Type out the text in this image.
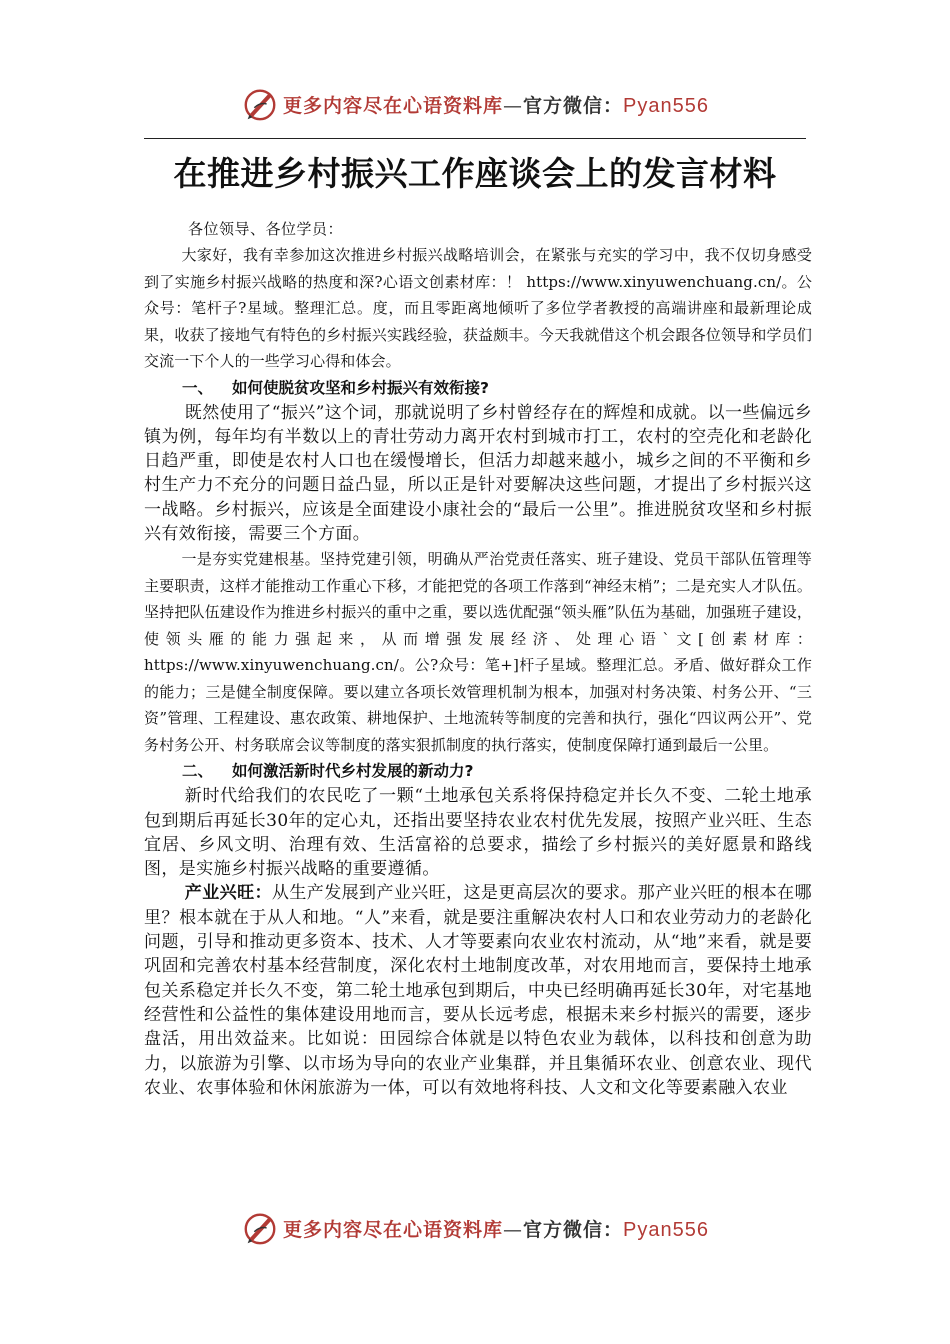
更多内容尽在心语资料库—官方微信：Pyan556
在推进乡村振兴工作座谈会上的发言材料

各位领导、各位学员：

大家好，我有幸参加这次推进乡村振兴战略培训会，在紧张与充实的学习中，我不仅切身感受到了实施乡村振兴战略的热度和深?心语文创素材库：！ https://www.xinyuwenchuang.cn/。公众号：笔杆子?星域。整理汇总。度，而且零距离地倾听了多位学者教授的高端讲座和最新理论成果，收获了接地气有特色的乡村振兴实践经验，获益颇丰。今天我就借这个机会跟各位领导和学员们交流一下个人的一些学习心得和体会。

一、 如何使脱贫攻坚和乡村振兴有效衔接?

既然使用了“振兴”这个词，那就说明了乡村曾经存在的辉煌和成就。以一些偏远乡镇为例，每年均有半数以上的青壮劳动力离开农村到城市打工，农村的空壳化和老龄化日趋严重，即使是农村人口也在缓慢增长，但活力却越来越小，城乡之间的不平衡和乡村生产力不充分的问题日益凸显，所以正是针对要解决这些问题，才提出了乡村振兴这一战略。乡村振兴，应该是全面建设小康社会的“最后一公里”。推进脱贫攻坚和乡村振兴有效衔接，需要三个方面。

一是夯实党建根基。坚持党建引领，明确从严治党责任落实、班子建设、党员干部队伍管理等主要职责，这样才能推动工作重心下移，才能把党的各项工作落到“神经末梢”；二是充实人才队伍。坚持把队伍建设作为推进乡村振兴的重中之重，要以选优配强“领头雁”队伍为基础，加强班子建设，使领头雁的能力强起来，从而增强发展经济、处理心语`文[创素材库：https://www.xinyuwenchuang.cn/。公?众号：笔+]杆子星域。整理汇总。矛盾、做好群众工作的能力；三是健全制度保障。要以建立各项长效管理机制为根本，加强对村务决策、村务公开、“三资”管理、工程建设、惠农政策、耕地保护、土地流转等制度的完善和执行，强化“四议两公开”、党务村务公开、村务联席会议等制度的落实狠抓制度的执行落实，使制度保障打通到最后一公里。

二、 如何激活新时代乡村发展的新动力?

新时代给我们的农民吃了一颗“土地承包关系将保持稳定并长久不变、二轮土地承包到期后再延长30年的定心丸，还指出要坚持农业农村优先发展，按照产业兴旺、生态宜居、乡风文明、治理有效、生活富裕的总要求，描绘了乡村振兴的美好愿景和路线图，是实施乡村振兴战略的重要遵循。

产业兴旺：从生产发展到产业兴旺，这是更高层次的要求。那产业兴旺的根本在哪里？根本就在于从人和地。“人”来看，就是要注重解决农村人口和农业劳动力的老龄化问题，引导和推动更多资本、技术、人才等要素向农业农村流动，从“地”来看，就是要巩固和完善农村基本经营制度，深化农村土地制度改革，对农用地而言，要保持土地承包关系稳定并长久不变，第二轮土地承包到期后，中央已经明确再延长30年，对宅基地经营性和公益性的集体建设用地而言，要从长远考虑，根据未来乡村振兴的需要，逐步盘活，用出效益来。比如说：田园综合体就是以特色农业为载体，以科技和创意为助力，以旅游为引擎、以市场为导向的农业产业集群，并且集循环农业、创意农业、现代农业、农事体验和休闲旅游为一体，可以有效地将科技、人文和文化等要素融入农业

更多内容尽在心语资料库—官方微信：Pyan556
